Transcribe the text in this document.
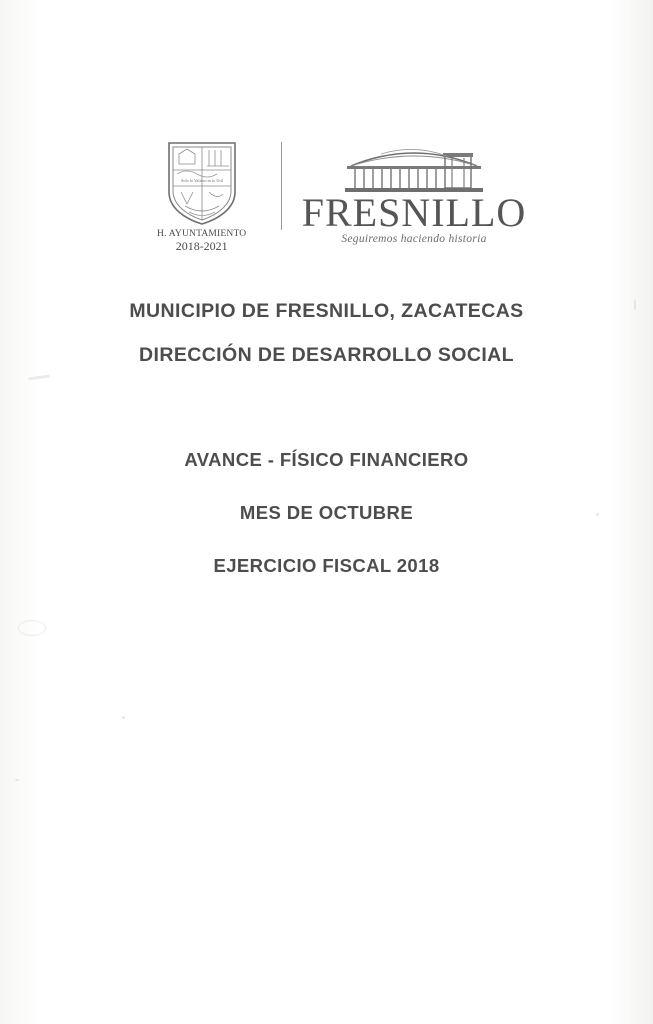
Solo lo Valioso es lo Util
H. AYUNTAMIENTO
2018-2021
FRESNILLO
Seguiremos haciendo historia
MUNICIPIO DE FRESNILLO, ZACATECAS
DIRECCIÓN DE DESARROLLO SOCIAL
AVANCE - FÍSICO FINANCIERO
MES DE OCTUBRE
EJERCICIO FISCAL 2018
